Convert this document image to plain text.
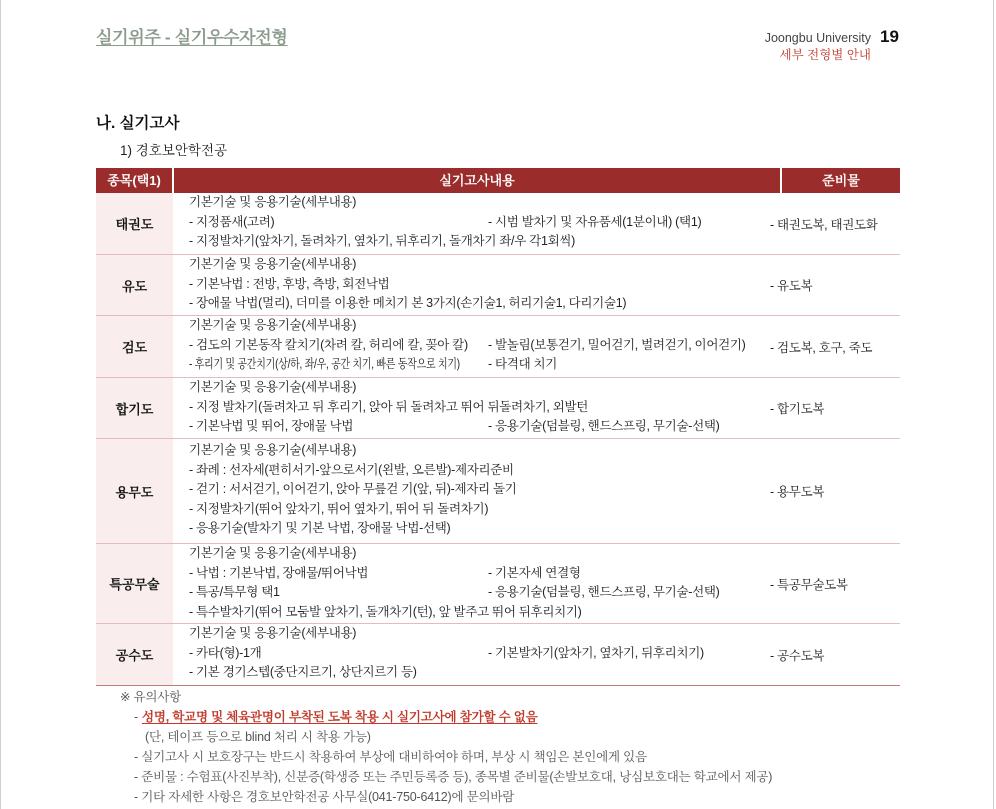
실기위주 - 실기우수자전형	Joongbu University 19
세부 전형별 안내
나. 실기고사
1) 경호보안학전공
종목(택1)	실기고사내용	준비물
태권도
기본기술 및 응용기술(세부내용)
- 지정품새(고려)	- 시범 발차기 및 자유품세(1분이내) (택1)
- 지정발차기(앞차기, 돌려차기, 옆차기, 뒤후리기, 돌개차기 좌/우 각1회씩)
- 태권도복, 태권도화
유도
기본기술 및 응용기술(세부내용)
- 기본낙법 : 전방, 후방, 측방, 회전낙법
- 장애물 낙법(멀리), 더미를 이용한 메치기 본 3가지(손기술1, 허리기술1, 다리기술1)
- 유도복
검도
기본기술 및 응용기술(세부내용)
- 검도의 기본동작 칼치기(차려 칼, 허리에 칼, 꽂아 칼) - 발놀림(보통걷기, 밀어걷기, 벌려걷기, 이어걷기)
- 후리기 및 공간치기(상/하, 좌/우, 공간 치기, 빠른 동작으로 치기) - 타격대 치기
- 검도복, 호구, 죽도
합기도
기본기술 및 응용기술(세부내용)
- 지정 발차기(돌려차고 뒤 후리기, 앉아 뒤 돌려차고 뛰어 뒤돌려차기, 외발턴
- 기본낙법 및 뛰어, 장애물 낙법	- 응용기술(덤블링, 핸드스프링, 무기술-선택)
- 합기도복
용무도
기본기술 및 응용기술(세부내용)
- 좌례 : 선자세(편히서기-앞으로서기(왼발, 오른발)-제자리준비
- 걷기 : 서서걷기, 이어걷기, 앉아 무릎걷 기(앞, 뒤)-제자리 돌기
- 지정발차기(뛰어 앞차기, 뛰어 옆차기, 뛰어 뒤 돌려차기)
- 응용기술(발차기 및 기본 낙법, 장애물 낙법-선택)
- 용무도복
특공무술
기본기술 및 응용기술(세부내용)
- 낙법 : 기본낙법, 장애물/뛰어낙법	- 기본자세 연결형
- 특공/특무형 택1	- 응용기술(덤블링, 핸드스프링, 무기술-선택)
- 특수발차기(뛰어 모둠발 앞차기, 돌개차기(턴), 앞 발주고 뛰어 뒤후리치기)
- 특공무술도복
공수도
기본기술 및 응용기술(세부내용)
- 카타(형)-1개	- 기본발차기(앞차기, 옆차기, 뒤후리치기)
- 기본 경기스텝(중단지르기, 상단지르기 등)
- 공수도복
※ 유의사항
- 성명, 학교명 및 체육관명이 부착된 도복 착용 시 실기고사에 참가할 수 없음
(단, 테이프 등으로 blind 처리 시 착용 가능)
- 실기고사 시 보호장구는 반드시 착용하여 부상에 대비하여야 하며, 부상 시 책임은 본인에게 있음
- 준비물 : 수험표(사진부착), 신분증(학생증 또는 주민등록증 등), 종목별 준비물(손발보호대, 낭심보호대는 학교에서 제공)
- 기타 자세한 사항은 경호보안학전공 사무실(041-750-6412)에 문의바람
